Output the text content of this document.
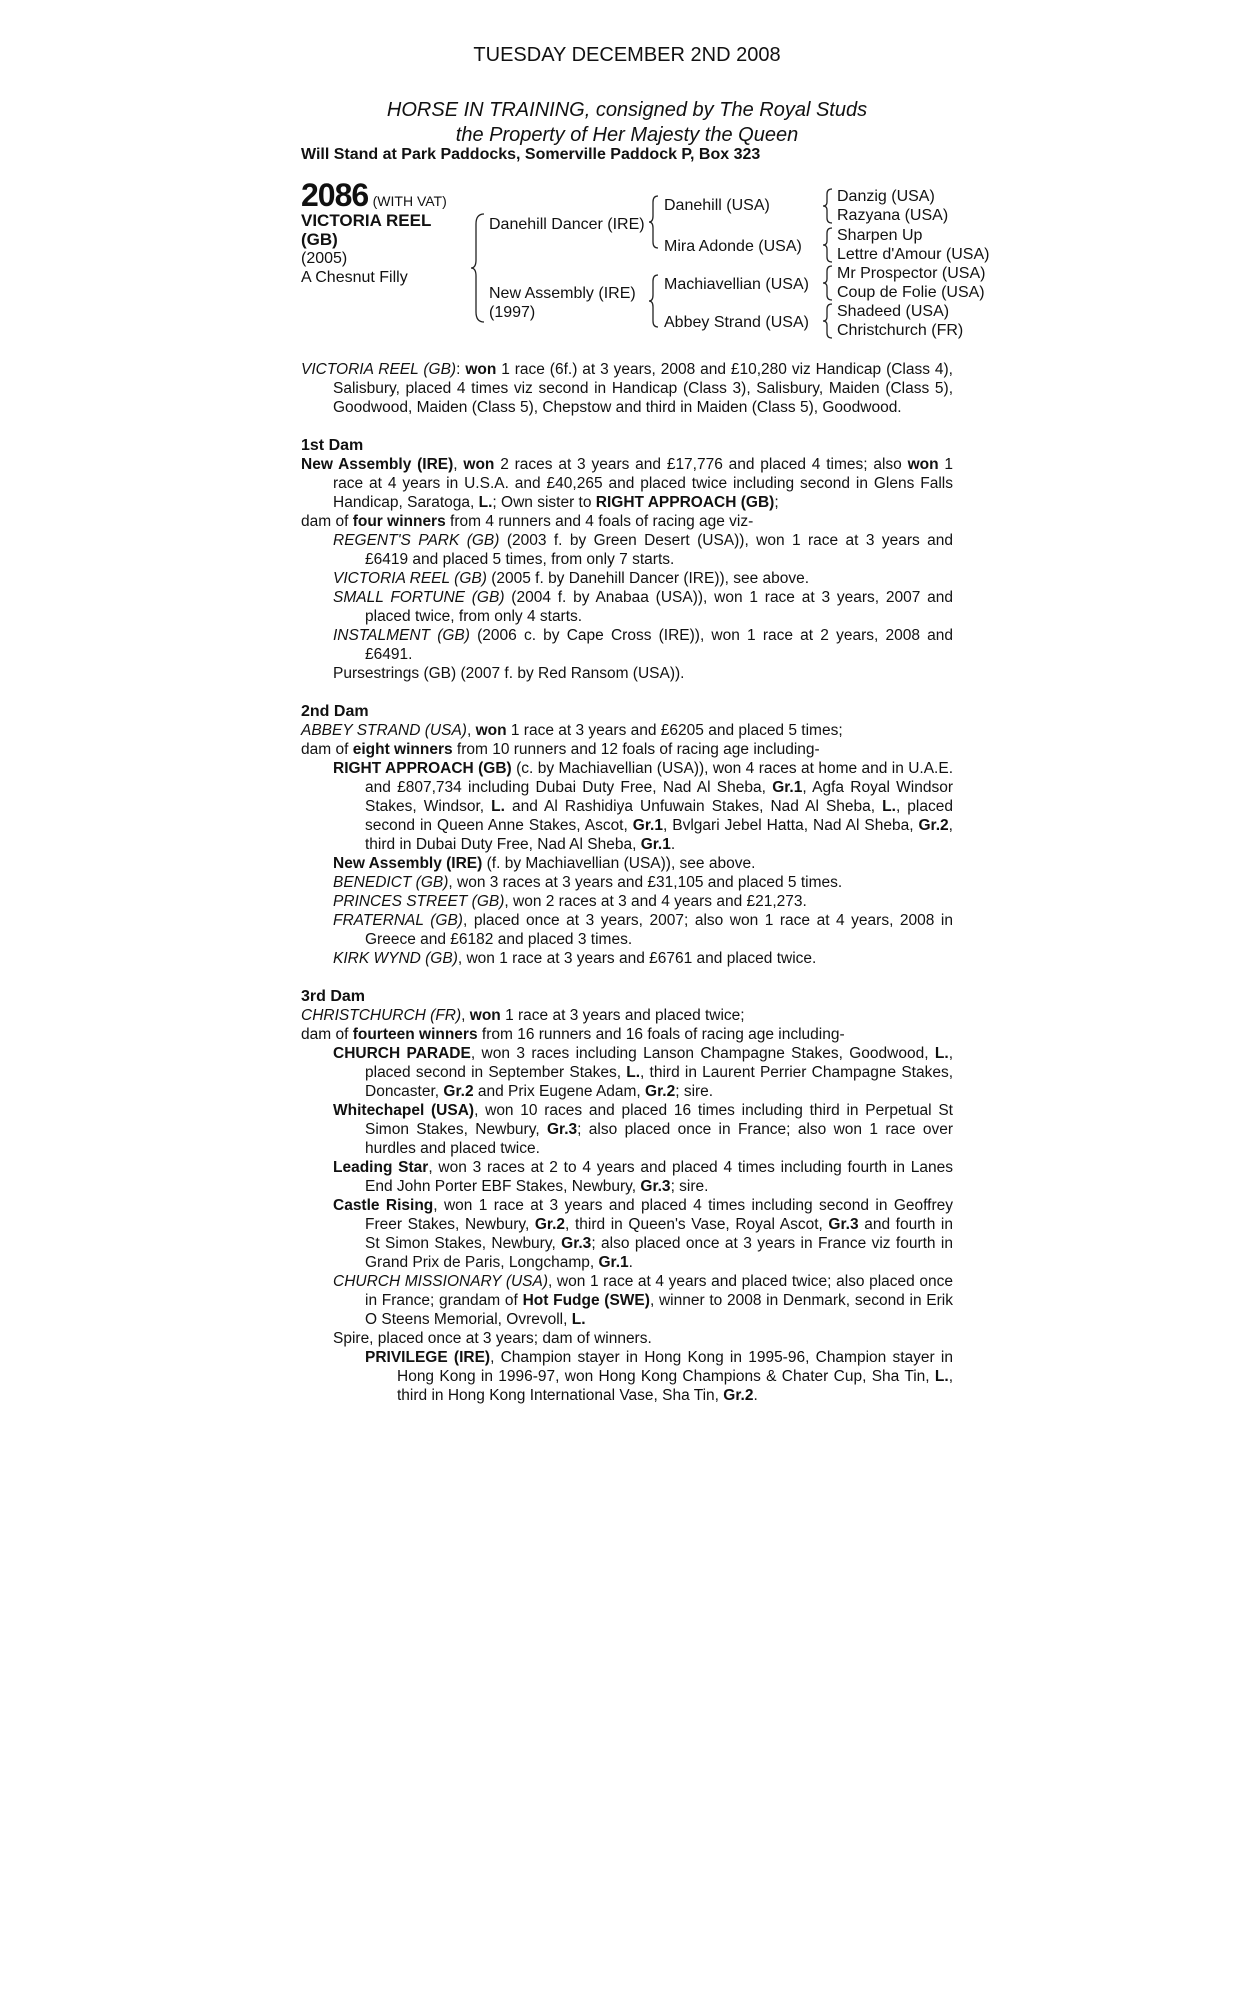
TUESDAY DECEMBER 2ND 2008
HORSE IN TRAINING, consigned by The Royal Studs
the Property of Her Majesty the Queen
Will Stand at Park Paddocks, Somerville Paddock P, Box 323
2086 (WITH VAT)
VICTORIA REEL
(GB)
(2005)
A Chesnut Filly
Danehill Dancer (IRE)
New Assembly (IRE)
(1997)
Danehill (USA)
Mira Adonde (USA)
Machiavellian (USA)
Abbey Strand (USA)
Danzig (USA)
Razyana (USA)
Sharpen Up
Lettre d'Amour (USA)
Mr Prospector (USA)
Coup de Folie (USA)
Shadeed (USA)
Christchurch (FR)

VICTORIA REEL (GB): won 1 race (6f.) at 3 years, 2008 and £10,280 viz Handicap (Class 4), Salisbury, placed 4 times viz second in Handicap (Class 3), Salisbury, Maiden (Class 5), Goodwood, Maiden (Class 5), Chepstow and third in Maiden (Class 5), Goodwood.

1st Dam

New Assembly (IRE), won 2 races at 3 years and £17,776 and placed 4 times; also won 1 race at 4 years in U.S.A. and £40,265 and placed twice including second in Glens Falls Handicap, Saratoga, L.; Own sister to RIGHT APPROACH (GB);

dam of four winners from 4 runners and 4 foals of racing age viz-

REGENT'S PARK (GB) (2003 f. by Green Desert (USA)), won 1 race at 3 years and £6419 and placed 5 times, from only 7 starts.

VICTORIA REEL (GB) (2005 f. by Danehill Dancer (IRE)), see above.

SMALL FORTUNE (GB) (2004 f. by Anabaa (USA)), won 1 race at 3 years, 2007 and placed twice, from only 4 starts.

INSTALMENT (GB) (2006 c. by Cape Cross (IRE)), won 1 race at 2 years, 2008 and £6491.

Pursestrings (GB) (2007 f. by Red Ransom (USA)).

2nd Dam

ABBEY STRAND (USA), won 1 race at 3 years and £6205 and placed 5 times;

dam of eight winners from 10 runners and 12 foals of racing age including-

RIGHT APPROACH (GB) (c. by Machiavellian (USA)), won 4 races at home and in U.A.E. and £807,734 including Dubai Duty Free, Nad Al Sheba, Gr.1, Agfa Royal Windsor Stakes, Windsor, L. and Al Rashidiya Unfuwain Stakes, Nad Al Sheba, L., placed second in Queen Anne Stakes, Ascot, Gr.1, Bvlgari Jebel Hatta, Nad Al Sheba, Gr.2, third in Dubai Duty Free, Nad Al Sheba, Gr.1.

New Assembly (IRE) (f. by Machiavellian (USA)), see above.

BENEDICT (GB), won 3 races at 3 years and £31,105 and placed 5 times.

PRINCES STREET (GB), won 2 races at 3 and 4 years and £21,273.

FRATERNAL (GB), placed once at 3 years, 2007; also won 1 race at 4 years, 2008 in Greece and £6182 and placed 3 times.

KIRK WYND (GB), won 1 race at 3 years and £6761 and placed twice.

3rd Dam

CHRISTCHURCH (FR), won 1 race at 3 years and placed twice;

dam of fourteen winners from 16 runners and 16 foals of racing age including-

CHURCH PARADE, won 3 races including Lanson Champagne Stakes, Goodwood, L., placed second in September Stakes, L., third in Laurent Perrier Champagne Stakes, Doncaster, Gr.2 and Prix Eugene Adam, Gr.2; sire.

Whitechapel (USA), won 10 races and placed 16 times including third in Perpetual St Simon Stakes, Newbury, Gr.3; also placed once in France; also won 1 race over hurdles and placed twice.

Leading Star, won 3 races at 2 to 4 years and placed 4 times including fourth in Lanes End John Porter EBF Stakes, Newbury, Gr.3; sire.

Castle Rising, won 1 race at 3 years and placed 4 times including second in Geoffrey Freer Stakes, Newbury, Gr.2, third in Queen's Vase, Royal Ascot, Gr.3 and fourth in St Simon Stakes, Newbury, Gr.3; also placed once at 3 years in France viz fourth in Grand Prix de Paris, Longchamp, Gr.1.

CHURCH MISSIONARY (USA), won 1 race at 4 years and placed twice; also placed once in France; grandam of Hot Fudge (SWE), winner to 2008 in Denmark, second in Erik O Steens Memorial, Ovrevoll, L.

Spire, placed once at 3 years; dam of winners.

PRIVILEGE (IRE), Champion stayer in Hong Kong in 1995-96, Champion stayer in Hong Kong in 1996-97, won Hong Kong Champions & Chater Cup, Sha Tin, L., third in Hong Kong International Vase, Sha Tin, Gr.2.
